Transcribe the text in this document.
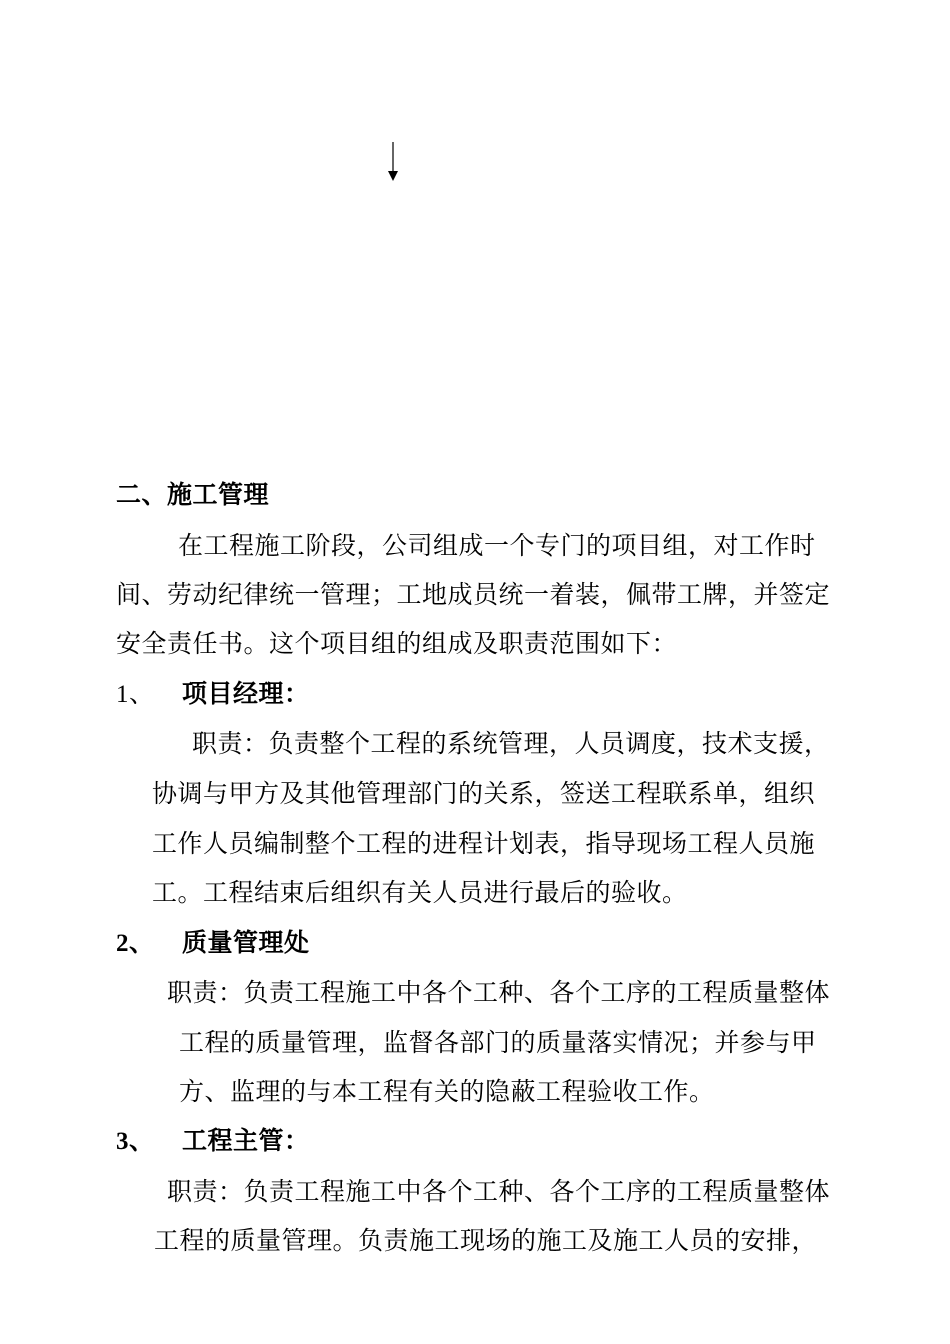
二、施工管理
在工程施工阶段，公司组成一个专门的项目组，对工作时
间、劳动纪律统一管理；工地成员统一着装，佩带工牌，并签定
安全责任书。这个项目组的组成及职责范围如下：
1、 项目经理：
职责：负责整个工程的系统管理，人员调度，技术支援，
协调与甲方及其他管理部门的关系，签送工程联系单，组织
工作人员编制整个工程的进程计划表，指导现场工程人员施
工。工程结束后组织有关人员进行最后的验收。
2、 质量管理处
职责：负责工程施工中各个工种、各个工序的工程质量整体
工程的质量管理，监督各部门的质量落实情况；并参与甲
方、监理的与本工程有关的隐蔽工程验收工作。
3、 工程主管：
职责：负责工程施工中各个工种、各个工序的工程质量整体
工程的质量管理。负责施工现场的施工及施工人员的安排，
